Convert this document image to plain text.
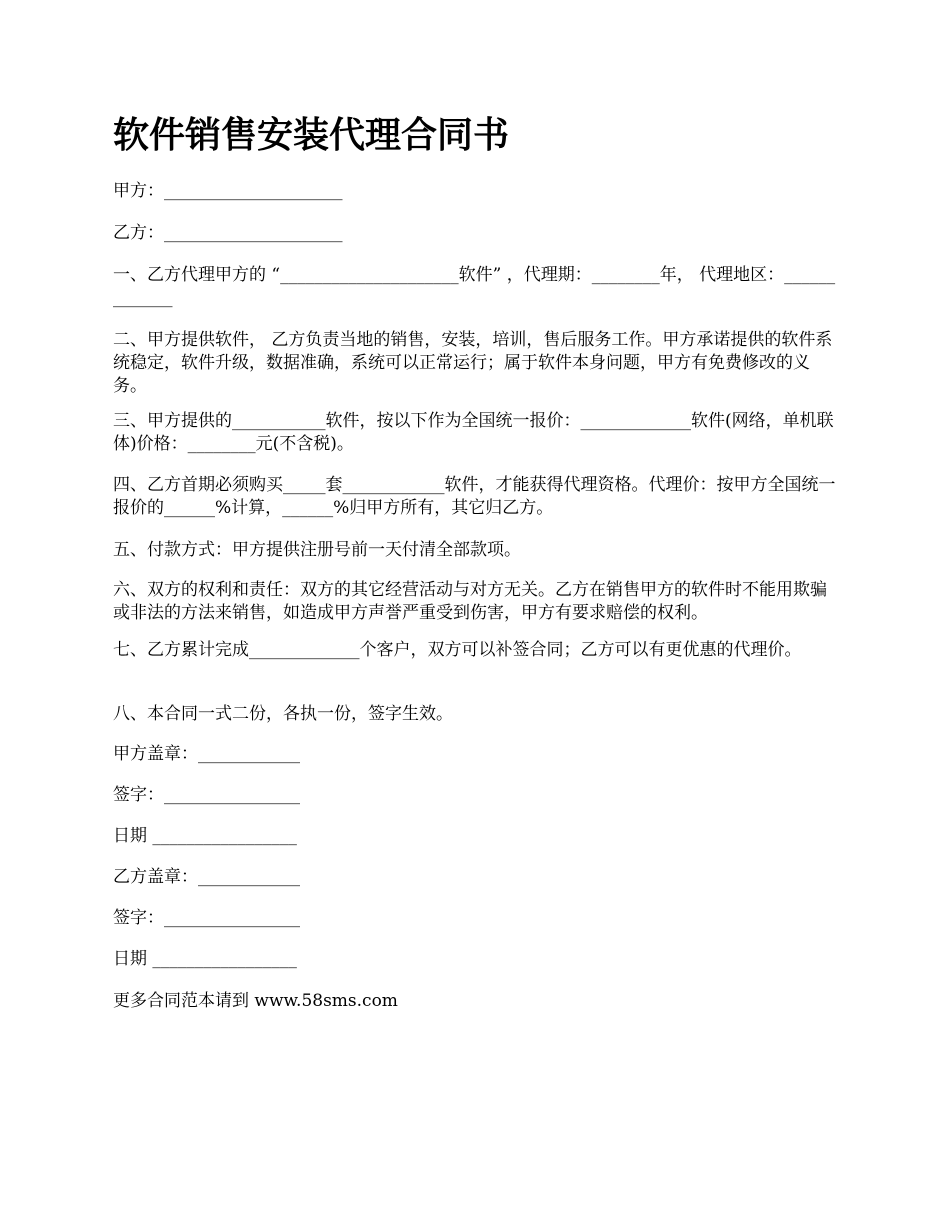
软件销售安装代理合同书

甲方：_____________________

乙方：_____________________

一、乙方代理甲方的 “_____________________软件” ，代理期：________年， 代理地区：_____________

二、甲方提供软件， 乙方负责当地的销售，安装，培训，售后服务工作。甲方承诺提供的软件系统稳定，软件升级，数据准确，系统可以正常运行；属于软件本身问题，甲方有免费修改的义务。

三、甲方提供的___________软件，按以下作为全国统一报价：_____________软件(网络，单机联体)价格：________元(不含税)。

四、乙方首期必须购买_____套____________软件，才能获得代理资格。代理价：按甲方全国统一报价的______%计算，______%归甲方所有，其它归乙方。

五、付款方式：甲方提供注册号前一天付清全部款项。

六、双方的权利和责任：双方的其它经营活动与对方无关。乙方在销售甲方的软件时不能用欺骗或非法的方法来销售，如造成甲方声誉严重受到伤害，甲方有要求赔偿的权利。

七、乙方累计完成_____________个客户，双方可以补签合同；乙方可以有更优惠的代理价。

八、本合同一式二份，各执一份，签字生效。

甲方盖章：____________

签字：________________

日期 _________________

乙方盖章：____________

签字：________________

日期 _________________

更多合同范本请到 www.58sms.com
